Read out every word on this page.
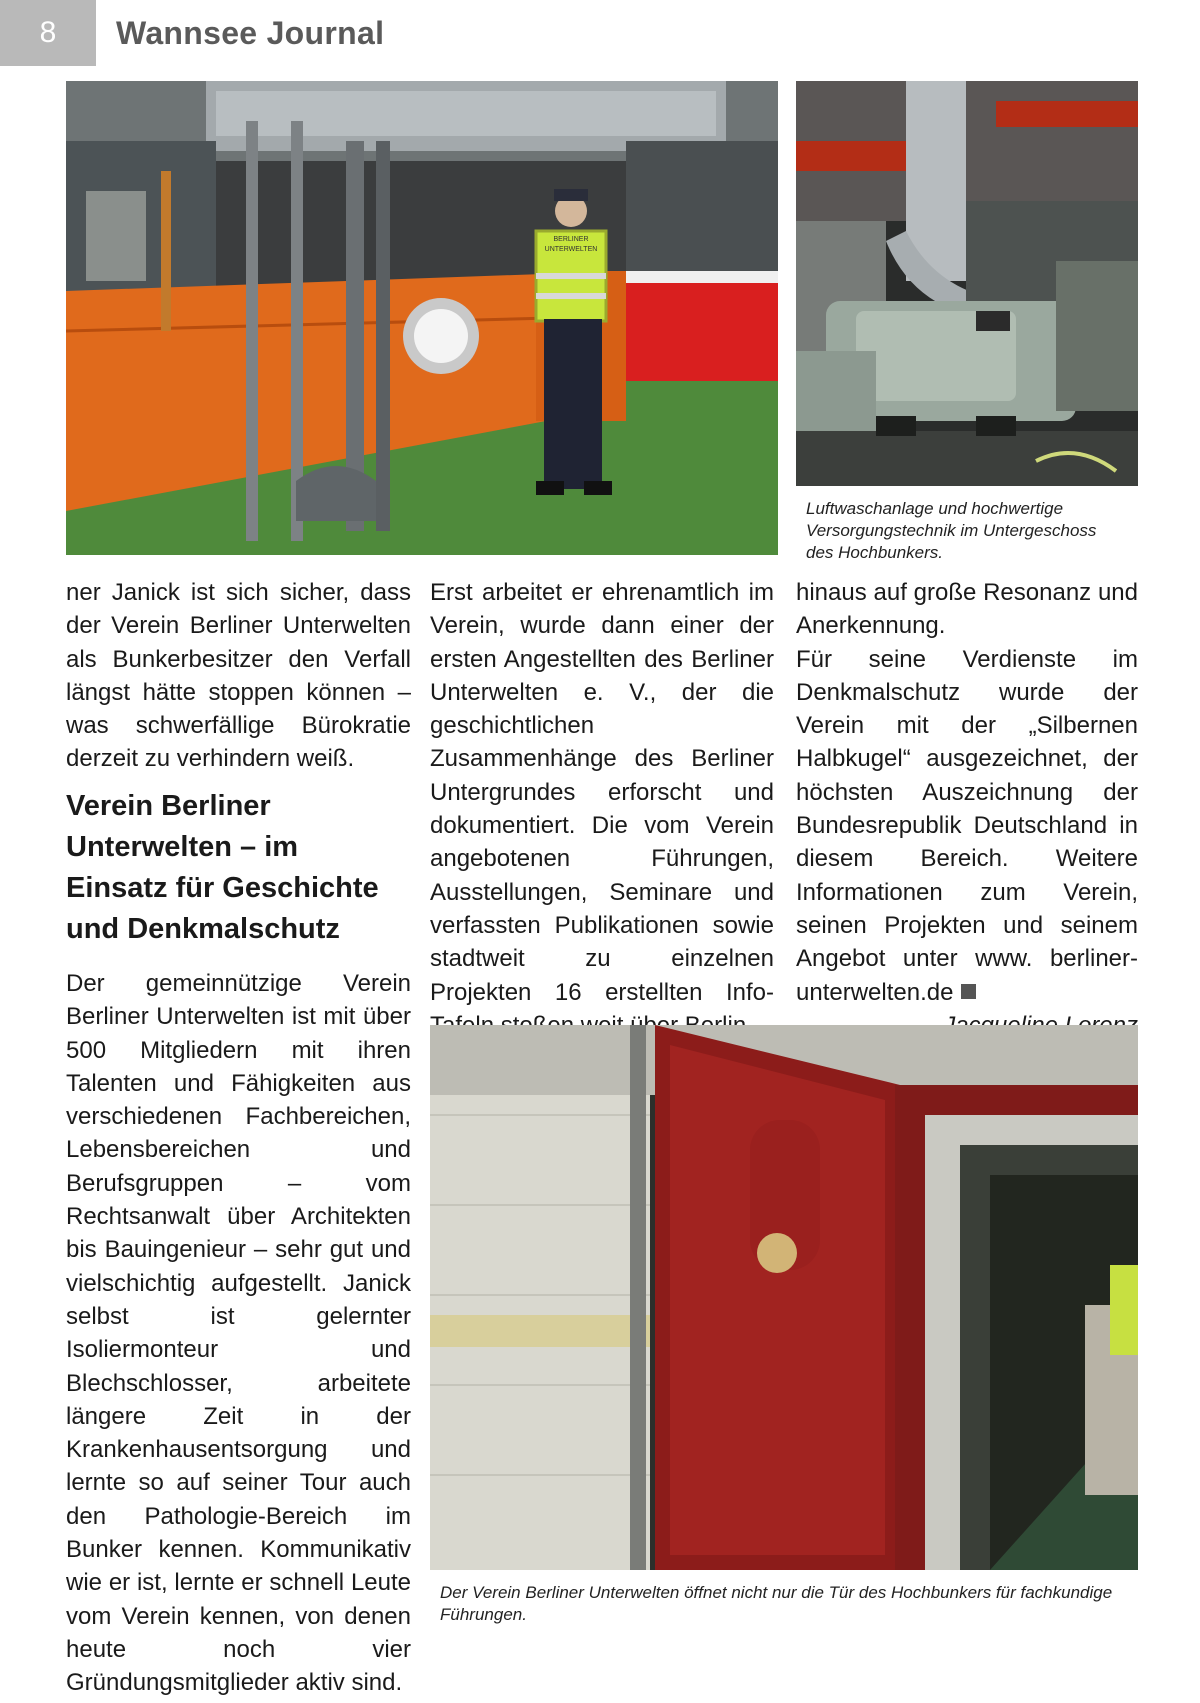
8	Wannsee Journal
BERLINER
UNTERWELTEN
Luftwaschanlage und hochwertige Versorgungstechnik im Untergeschoss des Hochbunkers.
ner Janick ist sich sicher, dass der Verein Berliner Unterwelten als Bunkerbesitzer den Verfall längst hätte stoppen können – was schwerfällige Bürokratie derzeit zu verhindern weiß.
Verein Berliner Unterwelten – im Einsatz für Geschichte und Denkmalschutz
Der gemeinnützige Verein Berliner Unterwelten ist mit über 500 Mitgliedern mit ihren Talenten und Fähigkeiten aus verschiedenen Fachbereichen, Lebensbereichen und Berufsgruppen – vom Rechtsanwalt über Architekten bis Bauingenieur – sehr gut und vielschichtig aufgestellt. Janick selbst ist gelernter Isoliermonteur und Blechschlosser, arbeitete längere Zeit in der Krankenhausentsorgung und lernte so auf seiner Tour auch den Pathologie-Bereich im Bunker kennen. Kommunikativ wie er ist, lernte er schnell Leute vom Verein kennen, von denen heute noch vier Gründungsmitglieder aktiv sind.
Erst arbeitet er ehrenamtlich im Verein, wurde dann einer der ersten Angestellten des Berliner Unterwelten e. V., der die geschichtlichen Zusammenhänge des Berliner Untergrundes erforscht und dokumentiert. Die vom Verein angebotenen Führungen, Ausstellungen, Seminare und verfassten Publikationen sowie stadtweit zu einzelnen Projekten 16 erstellten Info-

hinaus auf große Resonanz und Anerkennung.

Für seine Verdienste im Denkmalschutz wurde der Verein mit der „Silbernen Halbkugel“ ausgezeichnet, der höchsten Auszeichnung der Bundesrepublik Deutschland in diesem Bereich. Weitere Informationen zum Verein, seinen Projekten und seinem Angebot unter www. berliner-unterwelten.de

Der Verein Berliner Unterwelten öffnet nicht nur die Tür des Hochbunkers für fachkundige Führungen.
